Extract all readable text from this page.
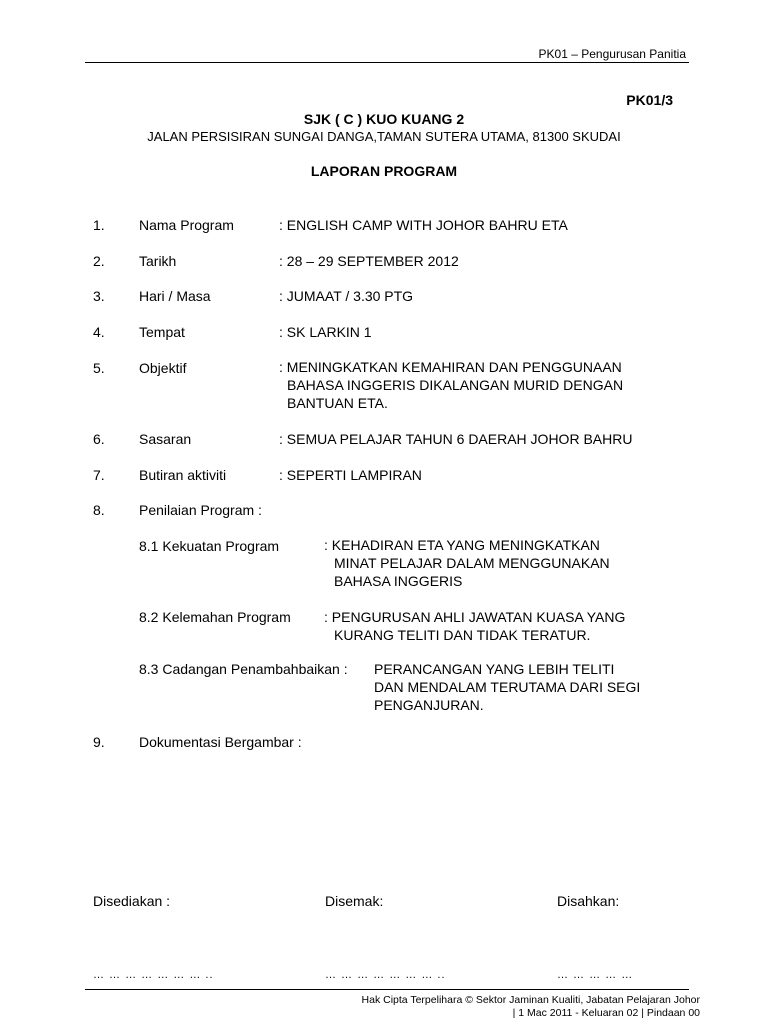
PK01 – Pengurusan Panitia
PK01/3
SJK ( C ) KUO KUANG 2
JALAN PERSISIRAN SUNGAI DANGA,TAMAN SUTERA UTAMA, 81300 SKUDAI
LAPORAN PROGRAM
1. Nama Program	: ENGLISH CAMP WITH JOHOR BAHRU ETA
2. Tarikh	: 28 – 29 SEPTEMBER 2012
3. Hari / Masa	: JUMAAT / 3.30 PTG
4. Tempat	: SK LARKIN 1
5. Objektif	: MENINGKATKAN KEMAHIRAN DAN PENGGUNAAN
BAHASA INGGERIS DIKALANGAN MURID DENGAN
BANTUAN ETA.
6. Sasaran	: SEMUA PELAJAR TAHUN 6 DAERAH JOHOR BAHRU
7. Butiran aktiviti	: SEPERTI LAMPIRAN
8. Penilaian Program :
8.1 Kekuatan Program	: KEHADIRAN ETA YANG MENINGKATKAN
MINAT PELAJAR DALAM MENGGUNAKAN
BAHASA INGGERIS
8.2 Kelemahan Program : PENGURUSAN AHLI JAWATAN KUASA YANG
KURANG TELITI DAN TIDAK TERATUR.
8.3 Cadangan Penambahbaikan : PERANCANGAN YANG LEBIH TELITI
DAN MENDALAM TERUTAMA DARI SEGI
PENGANJURAN.
9. Dokumentasi Bergambar :
Disediakan :	Disemak:	Disahkan:
… … … … … … … ..	… … … … … … … ..	… … … … …
Hak Cipta Terpelihara © Sektor Jaminan Kualiti, Jabatan Pelajaran Johor
| 1 Mac 2011 - Keluaran 02 | Pindaan 00
